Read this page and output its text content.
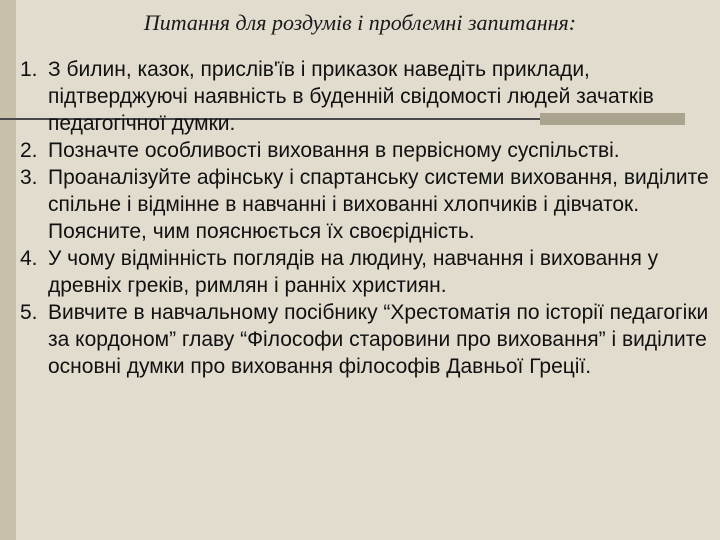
Питання для роздумів і проблемні запитання:
1. З билин, казок, прислів'їв і приказок наведіть приклади, підтверджуючі наявність в буденній свідомості людей зачатків педагогічної думки.
2. Позначте особливості виховання в первісному суспільстві.
3. Проаналізуйте афінську і спартанську системи виховання, виділите спільне і відмінне в навчанні і вихованні хлопчиків і дівчаток. Поясните, чим пояснюється їх своєрідність.
4. У чому відмінність поглядів на людину, навчання і виховання у древніх греків, римлян і ранніх християн.
5. Вивчите в навчальному посібнику “Хрестоматія по історії педагогіки за кордоном” главу “Філософи старовини про виховання” і виділите основні думки про виховання філософів Давньої Греції.
